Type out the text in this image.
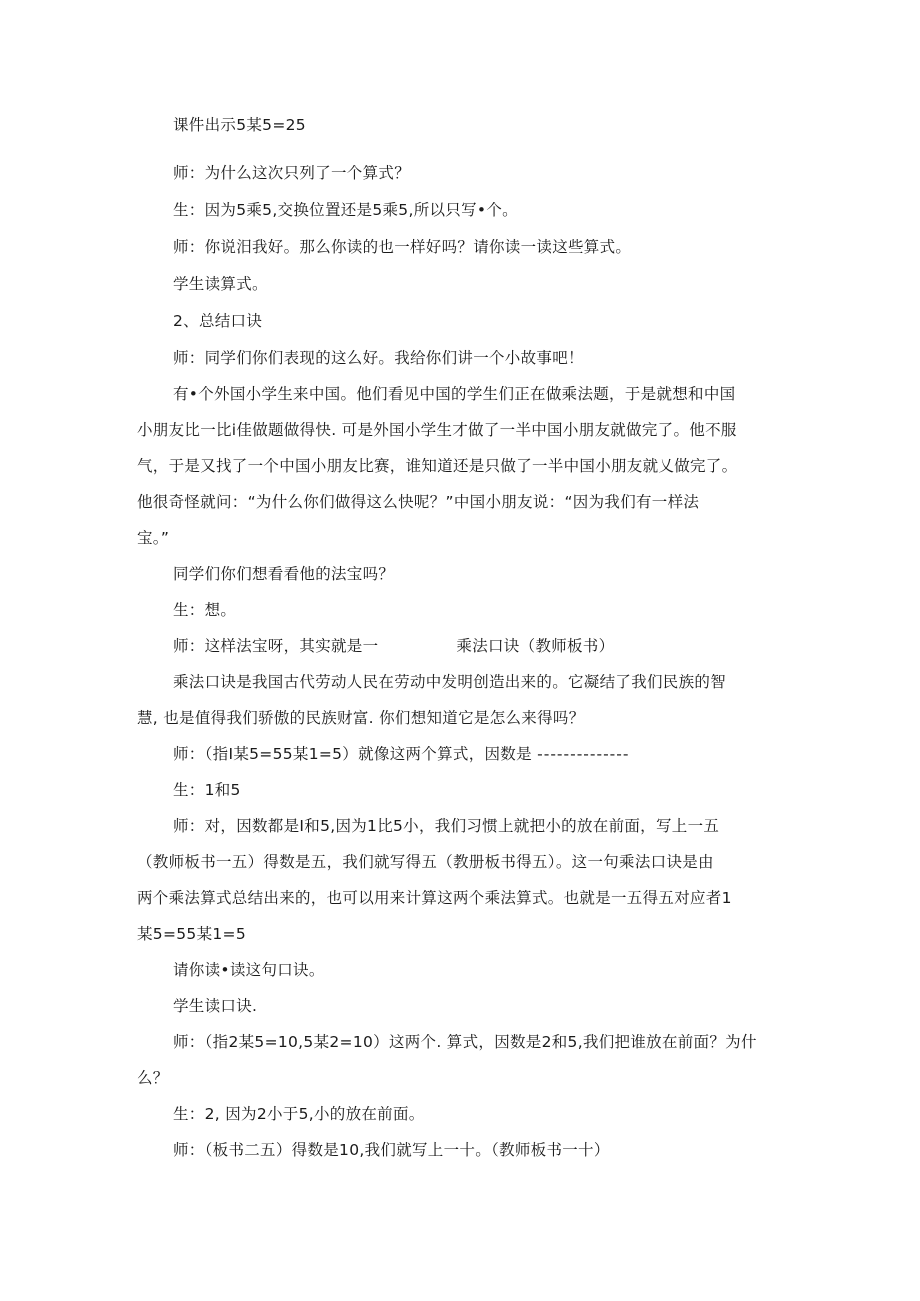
课件出示5某5=25

师：为什么这次只列了一个算式？

生：因为5乘5,交换位置还是5乘5,所以只写•个。

师：你说汨我好。那么你读的也一样好吗？请你读一读这些算式。

学生读算式。

2、总结口诀

师：同学们你们表现的这么好。我给你们讲一个小故事吧！

有•个外国小学生来中国。他们看见中国的学生们正在做乘法题，于是就想和中国

小朋友比一比i佳做题做得快. 可是外国小学生才做了一半中国小朋友就做完了。他不服

气，于是又找了一个中国小朋友比赛，谁知道还是只做了一半中国小朋友就乂做完了。

他很奇怪就问：“为什么你们做得这么快呢？”中国小朋友说：“因为我们有一样法

宝。”

同学们你们想看看他的法宝吗？

生：想。

师：这样法宝呀，其实就是一	乘法口诀（教师板书）

乘法口诀是我国古代劳动人民在劳动中发明创造出来的。它凝结了我们民族的智

慧, 也是值得我们骄傲的民族财富. 你们想知道它是怎么来得吗？

师：（指I某5=55某1=5）就像这两个算式，因数是 --------------

生：1和5

师：对，因数都是I和5,因为1比5小，我们习惯上就把小的放在前面，写上一五

（教师板书一五）得数是五，我们就写得五（教册板书得五）。这一句乘法口诀是由

两个乘法算式总结出来的，也可以用来计算这两个乘法算式。也就是一五得五对应者1

某5=55某1=5

请你读•读这句口诀。

学生读口诀.

师：（指2某5=10,5某2=10）这两个. 算式，因数是2和5,我们把谁放在前面？为什

么？

生：2, 因为2小于5,小的放在前面。

师：（板书二五）得数是10,我们就写上一十。（教师板书一十）
